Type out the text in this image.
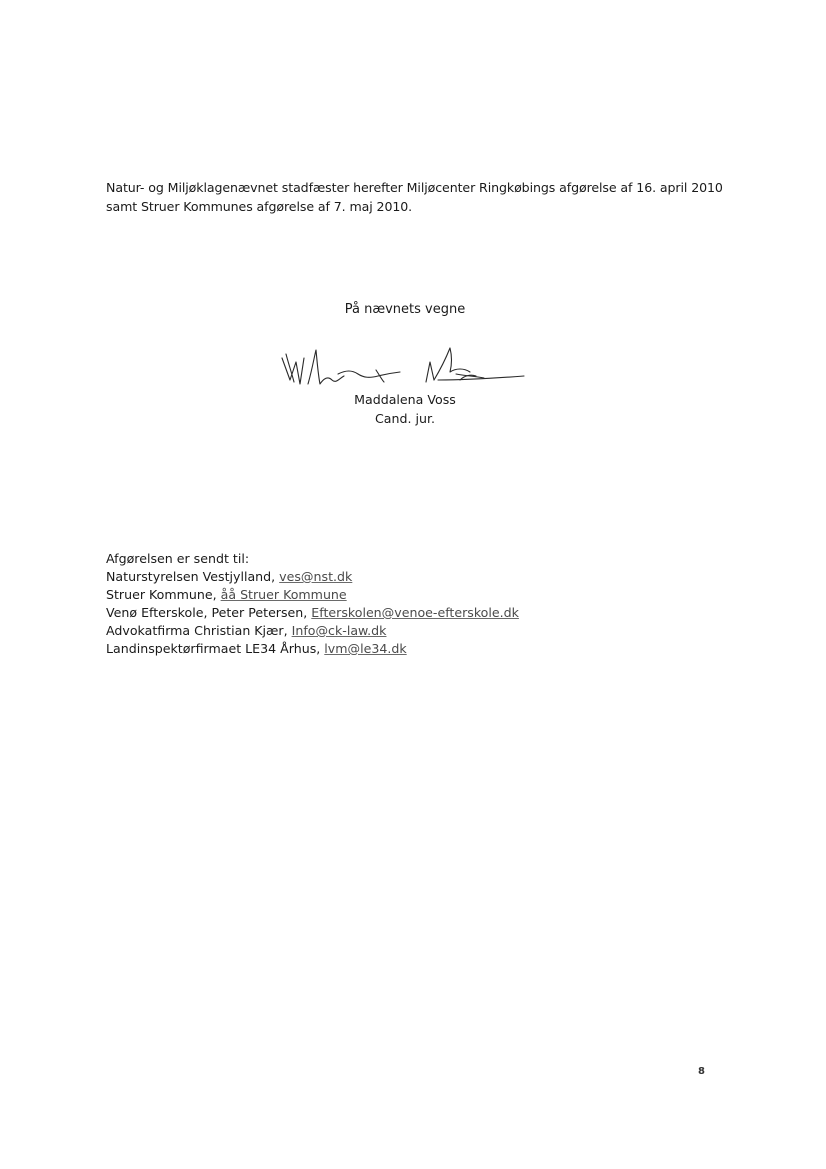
Natur- og Miljøklagenævnet stadfæster herefter Miljøcenter Ringkøbings afgørelse af 16. april 2010

samt Struer Kommunes afgørelse af 7. maj 2010.

På nævnets vegne
Maddalena Voss
Cand. jur.
Afgørelsen er sendt til:
Naturstyrelsen Vestjylland, ves@nst.dk
Struer Kommune, åå Struer Kommune
Venø Efterskole, Peter Petersen, Efterskolen@venoe-efterskole.dk
Advokatfirma Christian Kjær, Info@ck-law.dk
Landinspektørfirmaet LE34 Århus, lvm@le34.dk
8
